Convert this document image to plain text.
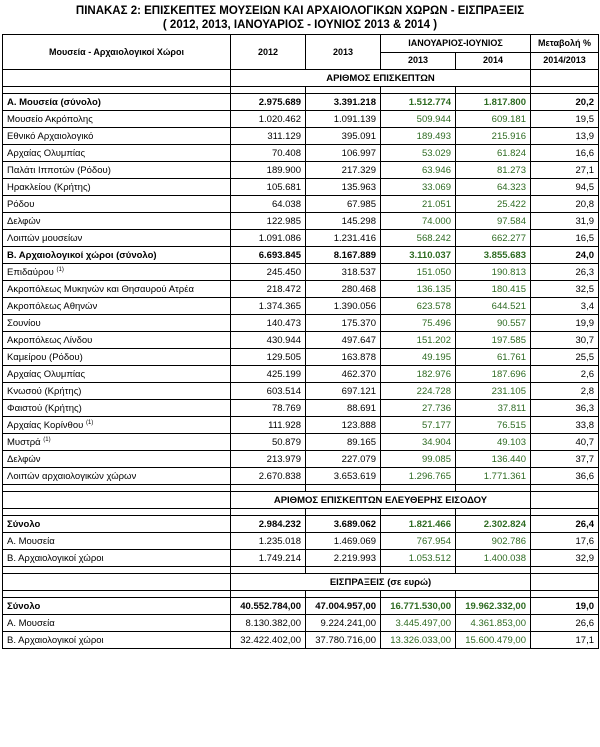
ΠΙΝΑΚΑΣ 2: ΕΠΙΣΚΕΠΤΕΣ ΜΟΥΣΕΙΩΝ ΚΑΙ ΑΡΧΑΙΟΛΟΓΙΚΩΝ ΧΩΡΩΝ - ΕΙΣΠΡΑΞΕΙΣ
( 2012, 2013, ΙΑΝΟΥΑΡΙΟΣ - ΙΟΥΝΙΟΣ 2013 & 2014 )
Μουσεία - Αρχαιολογικοί Χώροι	2012	2013	ΙΑΝΟΥΑΡΙΟΣ-ΙΟΥΝΙΟΣ		Μεταβολή %
			2013	2014	2014/2013
	ΑΡΙΘΜΟΣ ΕΠΙΣΚΕΠΤΩΝ				

Α. Μουσεία (σύνολο)	2.975.689	3.391.218	1.512.774	1.817.800	20,2
Μουσείο Ακρόπολης	1.020.462	1.091.139	509.944	609.181	19,5
Εθνικό Αρχαιολογικό	311.129	395.091	189.493	215.916	13,9
Αρχαίας Ολυμπίας	70.408	106.997	53.029	61.824	16,6
Παλάτι Ιπποτών (Ρόδου)	189.900	217.329	63.946	81.273	27,1
Ηρακλείου (Κρήτης)	105.681	135.963	33.069	64.323	94,5
Ρόδου	64.038	67.985	21.051	25.422	20,8
Δελφών	122.985	145.298	74.000	97.584	31,9
Λοιπών μουσείων	1.091.086	1.231.416	568.242	662.277	16,5
Β. Αρχαιολογικοί χώροι (σύνολο)	6.693.845	8.167.889	3.110.037	3.855.683	24,0
Επιδαύρου $^{(1)}$	245.450	318.537	151.050	190.813	26,3
Ακροπόλεως Μυκηνών και Θησαυρού Ατρέα	218.472	280.468	136.135	180.415	32,5
Ακροπόλεως Αθηνών	1.374.365	1.390.056	623.578	644.521	3,4
Σουνίου	140.473	175.370	75.496	90.557	19,9
Ακροπόλεως Λίνδου	430.944	497.647	151.202	197.585	30,7
Καμείρου (Ρόδου)	129.505	163.878	49.195	61.761	25,5
Αρχαίας Ολυμπίας	425.199	462.370	182.976	187.696	2,6
Κνωσού (Κρήτης)	603.514	697.121	224.728	231.105	2,8
Φαιστού (Κρήτης)	78.769	88.691	27.736	37.811	36,3
Αρχαίας Κορίνθου $^{(1)}$	111.928	123.888	57.177	76.515	33,8
Μυστρά $^{(1)}$	50.879	89.165	34.904	49.103	40,7
Δελφών	213.979	227.079	99.085	136.440	37,7
Λοιπών αρχαιολογικών χώρων	2.670.838	3.653.619	1.296.765	1.771.361	36,6

	ΑΡΙΘΜΟΣ ΕΠΙΣΚΕΠΤΩΝ ΕΛΕΥΘΕΡΗΣ ΕΙΣΟΔΟΥ				

Σύνολο	2.984.232	3.689.062	1.821.466	2.302.824	26,4
Α. Μουσεία	1.235.018	1.469.069	767.954	902.786	17,6
Β. Αρχαιολογικοί χώροι	1.749.214	2.219.993	1.053.512	1.400.038	32,9

	ΕΙΣΠΡΑΞΕΙΣ (σε ευρώ)				

Σύνολο	40.552.784,00	47.004.957,00	16.771.530,00	19.962.332,00	19,0
Α. Μουσεία	8.130.382,00	9.224.241,00	3.445.497,00	4.361.853,00	26,6
Β. Αρχαιολογικοί χώροι	32.422.402,00	37.780.716,00	13.326.033,00	15.600.479,00	17,1
